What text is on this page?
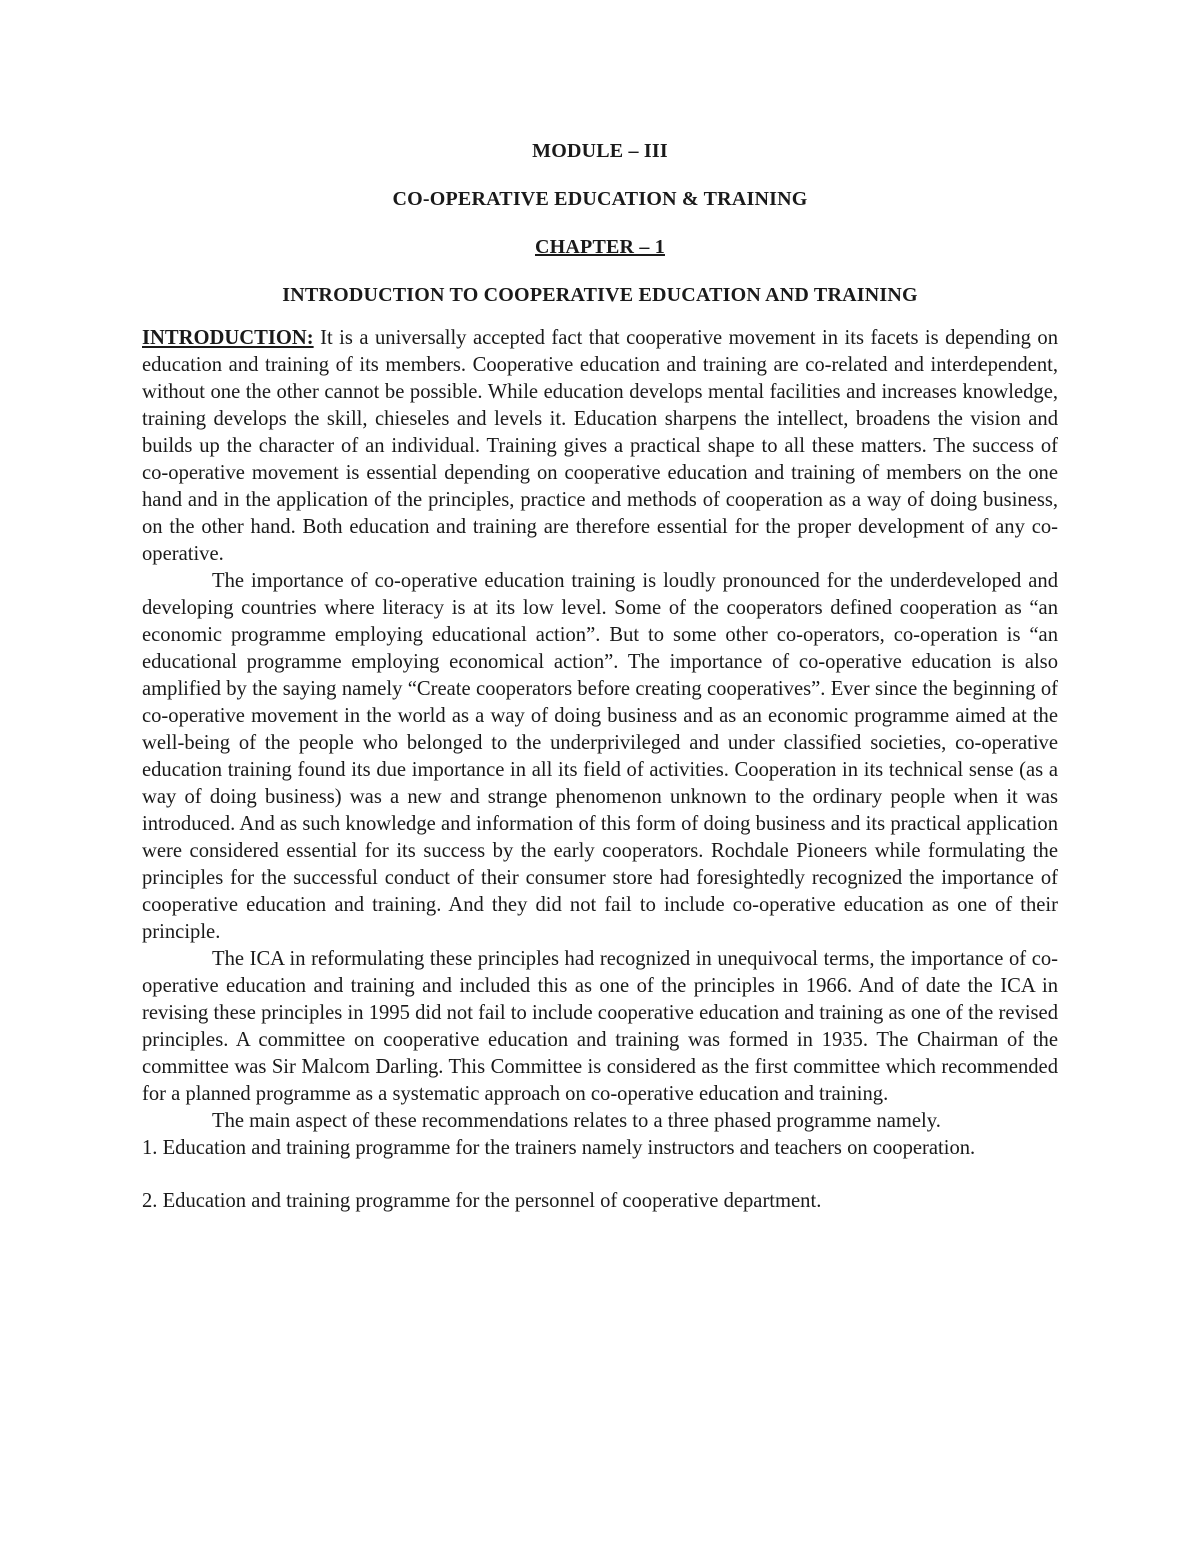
MODULE – III
CO-OPERATIVE EDUCATION & TRAINING
CHAPTER – 1
INTRODUCTION TO COOPERATIVE EDUCATION AND TRAINING

INTRODUCTION: It is a universally accepted fact that cooperative movement in its facets is depending on education and training of its members. Cooperative education and training are co-related and interdependent, without one the other cannot be possible. While education develops mental facilities and increases knowledge, training develops the skill, chieseles and levels it. Education sharpens the intellect, broadens the vision and builds up the character of an individual. Training gives a practical shape to all these matters. The success of co-operative movement is essential depending on cooperative education and training of members on the one hand and in the application of the principles, practice and methods of cooperation as a way of doing business, on the other hand. Both education and training are therefore essential for the proper development of any co- operative.

The importance of co-operative education training is loudly pronounced for the underdeveloped and developing countries where literacy is at its low level. Some of the cooperators defined cooperation as “an economic programme employing educational action”. But to some other co-operators, co-operation is “an educational programme employing economical action”. The importance of co-operative education is also amplified by the saying namely “Create cooperators before creating cooperatives”. Ever since the beginning of co-operative movement in the world as a way of doing business and as an economic programme aimed at the well-being of the people who belonged to the underprivileged and under classified societies, co-operative education training found its due importance in all its field of activities. Cooperation in its technical sense (as a way of doing business) was a new and strange phenomenon unknown to the ordinary people when it was introduced. And as such knowledge and information of this form of doing business and its practical application were considered essential for its success by the early cooperators. Rochdale Pioneers while formulating the principles for the successful conduct of their consumer store had foresightedly recognized the importance of cooperative education and training. And they did not fail to include co-operative education as one of their principle.

The ICA in reformulating these principles had recognized in unequivocal terms, the importance of co-operative education and training and included this as one of the principles in 1966. And of date the ICA in revising these principles in 1995 did not fail to include cooperative education and training as one of the revised principles. A committee on cooperative education and training was formed in 1935. The Chairman of the committee was Sir Malcom Darling. This Committee is considered as the first committee which recommended for a planned programme as a systematic approach on co-operative education and training.

The main aspect of these recommendations relates to a three phased programme namely.

1. Education and training programme for the trainers namely instructors and teachers on cooperation.

2. Education and training programme for the personnel of cooperative department.
